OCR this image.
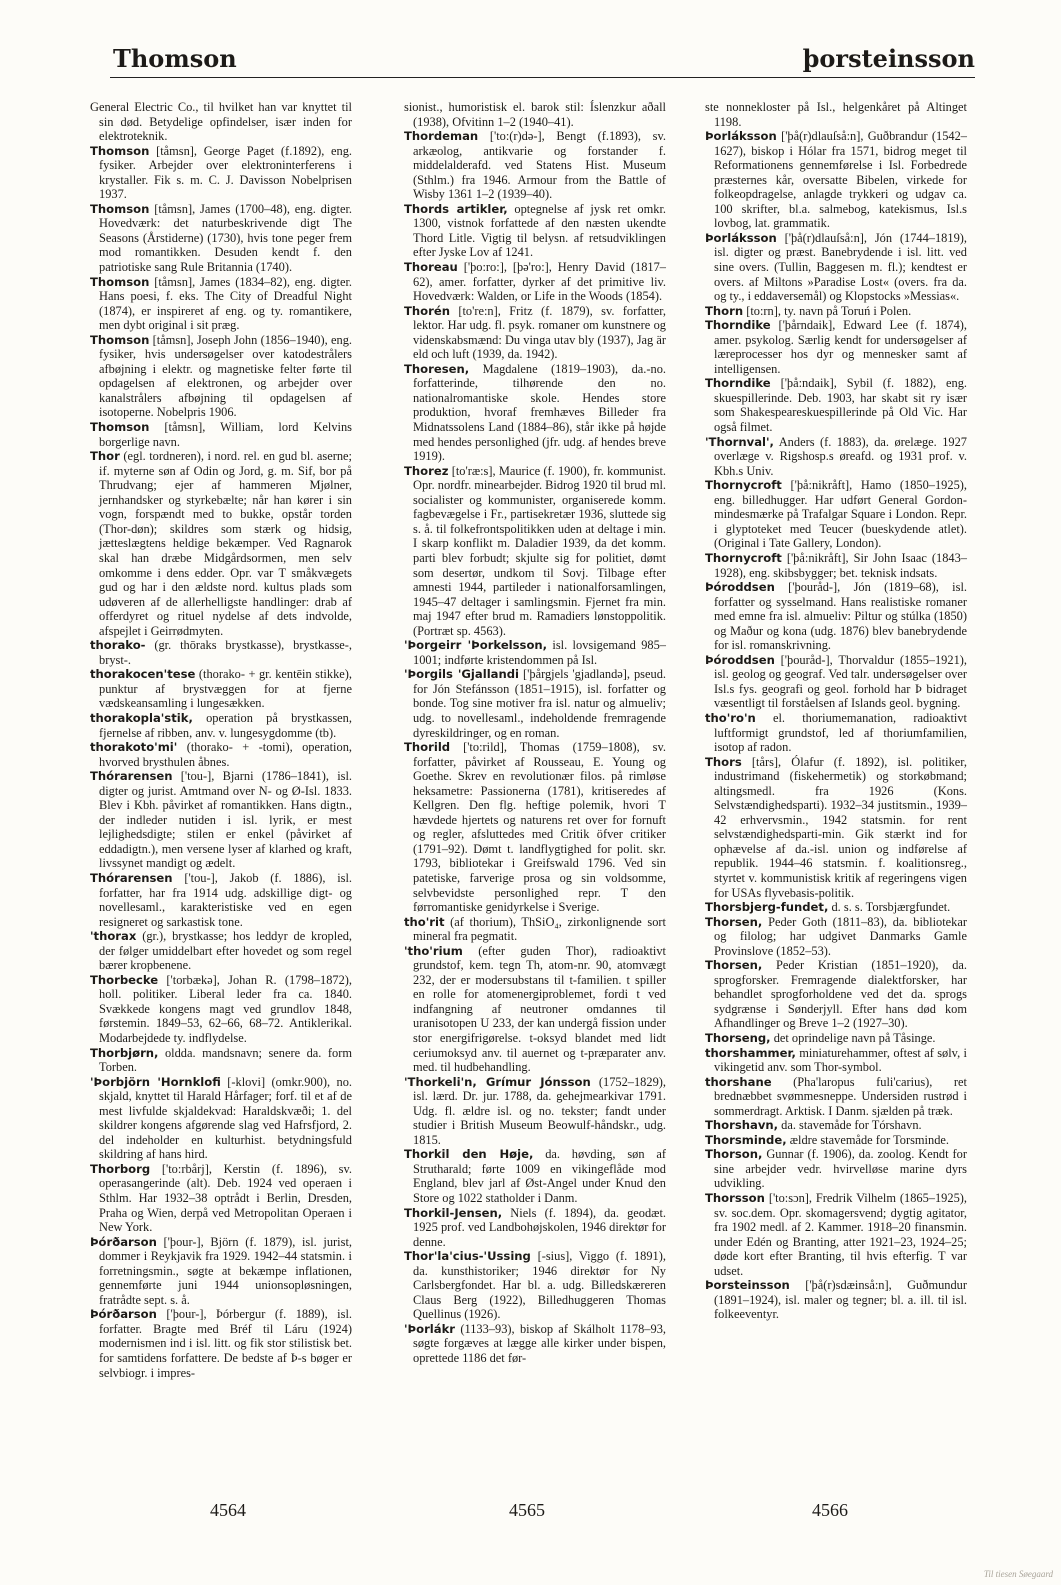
Thomson	þorsteinsson

General Electric Co., til hvilket han var knyttet til sin død. Betydelige opfindelser, især inden for elektroteknik.

Thomson [tåmsn], George Paget (f.1892), eng. fysiker. Arbejder over elektroninterferens i krystaller. Fik s. m. C. J. Davisson Nobelprisen 1937.

Thomson [tåmsn], James (1700–48), eng. digter. Hovedværk: det naturbeskrivende digt The Seasons (Årstiderne) (1730), hvis tone peger frem mod romantikken. Desuden kendt f. den patriotiske sang Rule Britannia (1740).

Thomson [tåmsn], James (1834–82), eng. digter. Hans poesi, f. eks. The City of Dreadful Night (1874), er inspireret af eng. og ty. romantikere, men dybt original i sit præg.

Thomson [tåmsn], Joseph John (1856–1940), eng. fysiker, hvis undersøgelser over katodestrålers afbøjning i elektr. og magnetiske felter førte til opdagelsen af elektronen, og arbejder over kanalstrålers afbøjning til opdagelsen af isotoperne. Nobelpris 1906.

Thomson [tåmsn], William, lord Kelvins borgerlige navn.

Thor (egl. tordneren), i nord. rel. en gud bl. aserne; if. myterne søn af Odin og Jord, g. m. Sif, bor på Thrudvang; ejer af hammeren Mjølner, jernhandsker og styrkebælte; når han kører i sin vogn, forspændt med to bukke, opstår torden (Thor-døn); skildres som stærk og hidsig, jætteslægtens heldige bekæmper. Ved Ragnarok skal han dræbe Midgårdsormen, men selv omkomme i dens edder. Opr. var T småkvægets gud og har i den ældste nord. kultus plads som udøveren af de allerhelligste handlinger: drab af offerdyret og rituel nydelse af dets indvolde, afspejlet i Geirrødmyten.

thorako- (gr. thōraks brystkasse), brystkasse-, bryst-.

thorakocen'tese (thorako- + gr. kentēin stikke), punktur af brystvæggen for at fjerne vædskeansamling i lungesækken.

thorakopla'stik, operation på brystkassen, fjernelse af ribben, anv. v. lungesygdomme (tb).

thorakoto'mi' (thorako- + -tomi), operation, hvorved brysthulen åbnes.

Thórarensen ['tou-], Bjarni (1786–1841), isl. digter og jurist. Amtmand over N- og Ø-Isl. 1833. Blev i Kbh. påvirket af romantikken. Hans digtn., der indleder nutiden i isl. lyrik, er mest lejlighedsdigte; stilen er enkel (påvirket af eddadigtn.), men versene lyser af klarhed og kraft, livssynet mandigt og ædelt.

Thórarensen ['tou-], Jakob (f. 1886), isl. forfatter, har fra 1914 udg. adskillige digt- og novellesaml., karakteristiske ved en egen resigneret og sarkastisk tone.

'thorax (gr.), brystkasse; hos leddyr de kropled, der følger umiddelbart efter hovedet og som regel bærer kropbenene.

Thorbecke ['torbækə], Johan R. (1798–1872), holl. politiker. Liberal leder fra ca. 1840. Svækkede kongens magt ved grundlov 1848, førstemin. 1849–53, 62–66, 68–72. Antiklerikal. Modarbejdede ty. indflydelse.

Thorbjørn, oldda. mandsnavn; senere da. form Torben.

'Þorbjörn 'Hornklofi [-klovi] (omkr.900), no. skjald, knyttet til Harald Hårfager; forf. til et af de mest livfulde skjaldekvad: Haraldskvæði; 1. del skildrer kongens afgørende slag ved Hafrsfjord, 2. del indeholder en kulturhist. betydningsfuld skildring af hans hird.

Thorborg ['to:rbårj], Kerstin (f. 1896), sv. operasangerinde (alt). Deb. 1924 ved operaen i Sthlm. Har 1932–38 optrådt i Berlin, Dresden, Praha og Wien, derpå ved Metropolitan Operaen i New York.

Þórðarson ['þour-], Björn (f. 1879), isl. jurist, dommer i Reykjavik fra 1929. 1942–44 statsmin. i forretningsmin., søgte at bekæmpe inflationen, gennemførte juni 1944 unionsopløsningen, fratrådte sept. s. å.

Þórðarson ['þour-], Þórbergur (f. 1889), isl. forfatter. Bragte med Bréf til Láru (1924) modernismen ind i isl. litt. og fik stor stilistisk bet. for samtidens forfattere. De bedste af Þ-s bøger er selvbiogr. i impres-

sionist., humoristisk el. barok stil: Íslenzkur aðall (1938), Ofvitinn 1–2 (1940–41).

Thordeman ['to:(r)də-], Bengt (f.1893), sv. arkæolog, antikvarie og forstander f. middelalderafd. ved Statens Hist. Museum (Sthlm.) fra 1946. Armour from the Battle of Wisby 1361 1–2 (1939–40).

Thords artikler, optegnelse af jysk ret omkr. 1300, vistnok forfattede af den næsten ukendte Thord Litle. Vigtig til belysn. af retsudviklingen efter Jyske Lov af 1241.

Thoreau ['þo:ro:], [þə'ro:], Henry David (1817–62), amer. forfatter, dyrker af det primitive liv. Hovedværk: Walden, or Life in the Woods (1854).

Thorén [to're:n], Fritz (f. 1879), sv. forfatter, lektor. Har udg. fl. psyk. romaner om kunstnere og videnskabsmænd: Du vinga utav bly (1937), Jag är eld och luft (1939, da. 1942).

Thoresen, Magdalene (1819–1903), da.-no. forfatterinde, tilhørende den no. nationalromantiske skole. Hendes store produktion, hvoraf fremhæves Billeder fra Midnatssolens Land (1884–86), står ikke på højde med hendes personlighed (jfr. udg. af hendes breve 1919).

Thorez [to'ræ:s], Maurice (f. 1900), fr. kommunist. Opr. nordfr. minearbejder. Bidrog 1920 til brud ml. socialister og kommunister, organiserede komm. fagbevægelse i Fr., partisekretær 1936, sluttede sig s. å. til folkefrontspolitikken uden at deltage i min. I skarp konflikt m. Daladier 1939, da det komm. parti blev forbudt; skjulte sig for politiet, dømt som desertør, undkom til Sovj. Tilbage efter amnesti 1944, partileder i nationalforsamlingen, 1945–47 deltager i samlingsmin. Fjernet fra min. maj 1947 efter brud m. Ramadiers lønstoppolitik. (Portræt sp. 4563).

'Þorgeirr 'Þorkelsson, isl. lovsigemand 985–1001; indførte kristendommen på Isl.

'Þorgils 'Gjallandi ['þårgjels 'gjadlandə], pseud. for Jón Stefánsson (1851–1915), isl. forfatter og bonde. Tog sine motiver fra isl. natur og almueliv; udg. to novellesaml., indeholdende fremragende dyreskildringer, og en roman.

Thorild ['to:rild], Thomas (1759–1808), sv. forfatter, påvirket af Rousseau, E. Young og Goethe. Skrev en revolutionær filos. på rimløse heksametre: Passionerna (1781), kritiseredes af Kellgren. Den flg. heftige polemik, hvori T hævdede hjertets og naturens ret over for fornuft og regler, afsluttedes med Critik öfver critiker (1791–92). Dømt t. landflygtighed for polit. skr. 1793, bibliotekar i Greifswald 1796. Ved sin patetiske, farverige prosa og sin voldsomme, selvbevidste personlighed repr. T den førromantiske genidyrkelse i Sverige.

tho'rit (af thorium), ThSiO₄, zirkonlignende sort mineral fra pegmatit.

'tho'rium (efter guden Thor), radioaktivt grundstof, kem. tegn Th, atom-nr. 90, atomvægt 232, der er modersubstans til t-familien. t spiller en rolle for atomenergiproblemet, fordi t ved indfangning af neutroner omdannes til uranisotopen U 233, der kan undergå fission under stor energifrigørelse. t-oksyd blandet med lidt ceriumoksyd anv. til auernet og t-præparater anv. med. til hudbehandling.

'Thorkeli'n, Grímur Jónsson (1752–1829), isl. lærd. Dr. jur. 1788, da. gehejmearkivar 1791. Udg. fl. ældre isl. og no. tekster; fandt under studier i British Museum Beowulf-håndskr., udg. 1815.

Thorkil den Høje, da. høvding, søn af Strutharald; førte 1009 en vikingeflåde mod England, blev jarl af Øst-Angel under Knud den Store og 1022 statholder i Danm.

Thorkil-Jensen, Niels (f. 1894), da. geodæt. 1925 prof. ved Landbohøjskolen, 1946 direktør for denne.

Thor'la'cius-'Ussing [-sius], Viggo (f. 1891), da. kunsthistoriker; 1946 direktør for Ny Carlsbergfondet. Har bl. a. udg. Billedskæreren Claus Berg (1922), Billedhuggeren Thomas Quellinus (1926).

'Þorlákr (1133–93), biskop af Skálholt 1178–93, søgte forgæves at lægge alle kirker under bispen, oprettede 1186 det før-

ste nonnekloster på Isl., helgenkåret på Altinget 1198.

Þorláksson ['þå(r)dlauſså:n], Guðbrandur (1542–1627), biskop i Hólar fra 1571, bidrog meget til Reformationens gennemførelse i Isl. Forbedrede præsternes kår, oversatte Bibelen, virkede for folkeopdragelse, anlagde trykkeri og udgav ca. 100 skrifter, bl.a. salmebog, katekismus, Isl.s lovbog, lat. grammatik.

Þorláksson ['þå(r)dlauſså:n], Jón (1744–1819), isl. digter og præst. Banebrydende i isl. litt. ved sine overs. (Tullin, Baggesen m. fl.); kendtest er overs. af Miltons »Paradise Lost« (overs. fra da. og ty., i eddaversemål) og Klopstocks »Messias«.

Thorn [to:rn], ty. navn på Toruń i Polen.

Thorndike ['þårndaik], Edward Lee (f. 1874), amer. psykolog. Særlig kendt for undersøgelser af læreprocesser hos dyr og mennesker samt af intelligensen.

Thorndike ['þå:ndaik], Sybil (f. 1882), eng. skuespillerinde. Deb. 1903, har skabt sit ry især som Shakespeareskuespillerinde på Old Vic. Har også filmet.

'Thornval', Anders (f. 1883), da. ørelæge. 1927 overlæge v. Rigshosp.s øreafd. og 1931 prof. v. Kbh.s Univ.

Thornycroft ['þå:nikråft], Hamo (1850–1925), eng. billedhugger. Har udført General Gordon-mindesmærke på Trafalgar Square i London. Repr. i glyptoteket med Teucer (bueskydende atlet). (Original i Tate Gallery, London).

Thornycroft ['þå:nikråft], Sir John Isaac (1843–1928), eng. skibsbygger; bet. teknisk indsats.

Þóroddsen ['þouråd-], Jón (1819–68), isl. forfatter og sysselmand. Hans realistiske romaner med emne fra isl. almueliv: Piltur og stúlka (1850) og Maður og kona (udg. 1876) blev banebrydende for isl. romanskrivning.

Þóroddsen ['þouråd-], Thorvaldur (1855–1921), isl. geolog og geograf. Ved talr. undersøgelser over Isl.s fys. geografi og geol. forhold har Þ bidraget væsentligt til forståelsen af Islands geol. bygning.

tho'ro'n el. thoriumemanation, radioaktivt luftformigt grundstof, led af thoriumfamilien, isotop af radon.

Thors [tårs], Ólafur (f. 1892), isl. politiker, industrimand (fiskehermetik) og storkøbmand; altingsmedl. fra 1926 (Kons. Selvstændighedsparti). 1932–34 justitsmin., 1939–42 erhvervsmin., 1942 statsmin. for rent selvstændighedsparti-min. Gik stærkt ind for ophævelse af da.-isl. union og indførelse af republik. 1944–46 statsmin. f. koalitionsreg., styrtet v. kommunistisk kritik af regeringens vigen for USAs flyvebasis-politik.

Thorsbjerg-fundet, d. s. s. Torsbjærgfundet.

Thorsen, Peder Goth (1811–83), da. bibliotekar og filolog; har udgivet Danmarks Gamle Provinslove (1852–53).

Thorsen, Peder Kristian (1851–1920), da. sprogforsker. Fremragende dialektforsker, har behandlet sprogforholdene ved det da. sprogs sydgrænse i Sønderjyll. Efter hans død kom Afhandlinger og Breve 1–2 (1927–30).

Thorseng, det oprindelige navn på Tåsinge.

thorshammer, miniaturehammer, oftest af sølv, i vikingetid anv. som Thor-symbol.

thorshane (Pha'laropus fuli'carius), ret brednæbbet svømmesneppe. Undersiden rustrød i sommerdragt. Arktisk. I Danm. sjælden på træk.

Thorshavn, da. stavemåde for Tórshavn.

Thorsminde, ældre stavemåde for Torsminde.

Thorson, Gunnar (f. 1906), da. zoolog. Kendt for sine arbejder vedr. hvirvelløse marine dyrs udvikling.

Thorsson ['to:sɔn], Fredrik Vilhelm (1865–1925), sv. soc.dem. Opr. skomagersvend; dygtig agitator, fra 1902 medl. af 2. Kammer. 1918–20 finansmin. under Edén og Branting, atter 1921–23, 1924–25; døde kort efter Branting, til hvis efterfig. T var udset.

Þorsteinsson ['þå(r)sdæinså:n], Guðmundur (1891–1924), isl. maler og tegner; bl. a. ill. til isl. folkeeventyr.

4564	4565	4566
Til tiesen Søegaard
